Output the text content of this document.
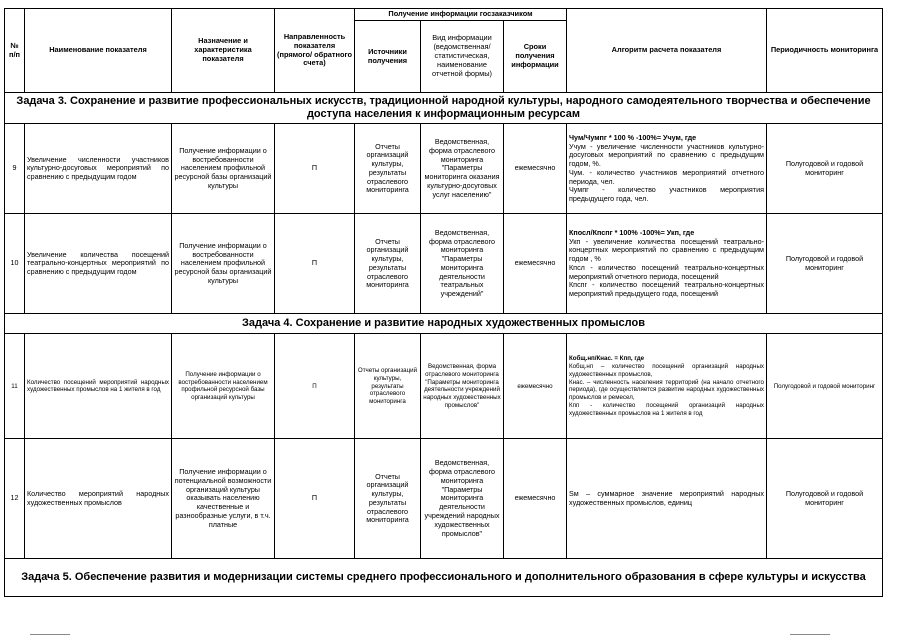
№ п/п	Наименование показателя	Назначение и характеристика показателя	Направленность показателя (прямого/ обратного счета)	Получение информации госзаказчиком			Алгоритм расчета показателя	Периодичность мониторинга
				Источники получения	Вид информации (ведомственная/ статистическая, наименование отчетной формы)	Сроки получения информации		
Задача 3. Сохранение и развитие профессиональных искусств, традиционной народной культуры, народного самодеятельного творчества и обеспечение доступа населения к информационным ресурсам								
9	Увеличение численности участников культурно-досуговых мероприятий по сравнению с предыдущим годом	Получение информации о востребованности населением профильной ресурсной базы организаций культуры	П	Отчеты организаций культуры, результаты отраслевого мониторинга	Ведомственная, форма отраслевого мониторинга "Параметры мониторинга оказания культурно-досуговых услуг населению"	ежемесячно	Чум/Чумпг * 100 % -100%= Учум, где
Учум - увеличение численности участников культурно-досуговых мероприятий по сравнению с предыдущим годом, %.
Чум. - количество участников мероприятий отчетного периода, чел.
Чумпг - количество участников мероприятия предыдущего года, чел.	Полугодовой и годовой мониторинг
10	Увеличение количества посещений театрально-концертных мероприятий по сравнению с предыдущим годом	Получение информации о востребованности населением профильной ресурсной базы организаций культуры	П	Отчеты организаций культуры, результаты отраслевого мониторинга	Ведомственная, форма отраслевого мониторинга "Параметры мониторинга деятельности театральных учреждений"	ежемесячно	Кпосл/Кпспг * 100% -100%= Укп, где
Укп - увеличение количества посещений театрально-концертных мероприятий по сравнению с предыдущим годом , %
Кпсл - количество посещений театрально-концертных мероприятий отчетного периода, посещений
Кпспг - количество посещений театрально-концертных мероприятий предыдущего года, посещений	Полугодовой и годовой мониторинг
Задача 4. Сохранение и развитие народных художественных промыслов								
11	Количество посещений мероприятий народных художественных промыслов на 1 жителя в год	Получение информации о востребованности населением профильной ресурсной базы организаций культуры	П	Отчеты организаций культуры, результаты отраслевого мониторинга	Ведомственная, форма отраслевого мониторинга "Параметры мониторинга деятельности учреждений народных художественных промыслов"	ежемесячно	Кобщ.нп/Кнас. = Кпп, где
Кобщ.нп – количество посещений организаций народных художественных промыслов,
Кнас. – численность населения территорий (на начало отчетного периода), где осуществляется развитие народных художественных промыслов и ремесел,
Кпп - количество посещений организаций народных художественных промыслов на 1 жителя в год	Полугодовой и годовой мониторинг
12	Количество мероприятий народных художественных промыслов	Получение информации о потенциальной возможности организаций культуры оказывать населению качественные и разнообразные услуги, в т.ч. платные	П	Отчеты организаций культуры, результаты отраслевого мониторинга	Ведомственная, форма отраслевого мониторинга "Параметры мониторинга деятельности учреждений народных художественных промыслов"	ежемесячно	Sм – суммарное значение мероприятий народных художественных промыслов, единиц	Полугодовой и годовой мониторинг
Задача 5. Обеспечение развития и модернизации системы среднего профессионального и дополнительного образования в сфере культуры и искусства								
